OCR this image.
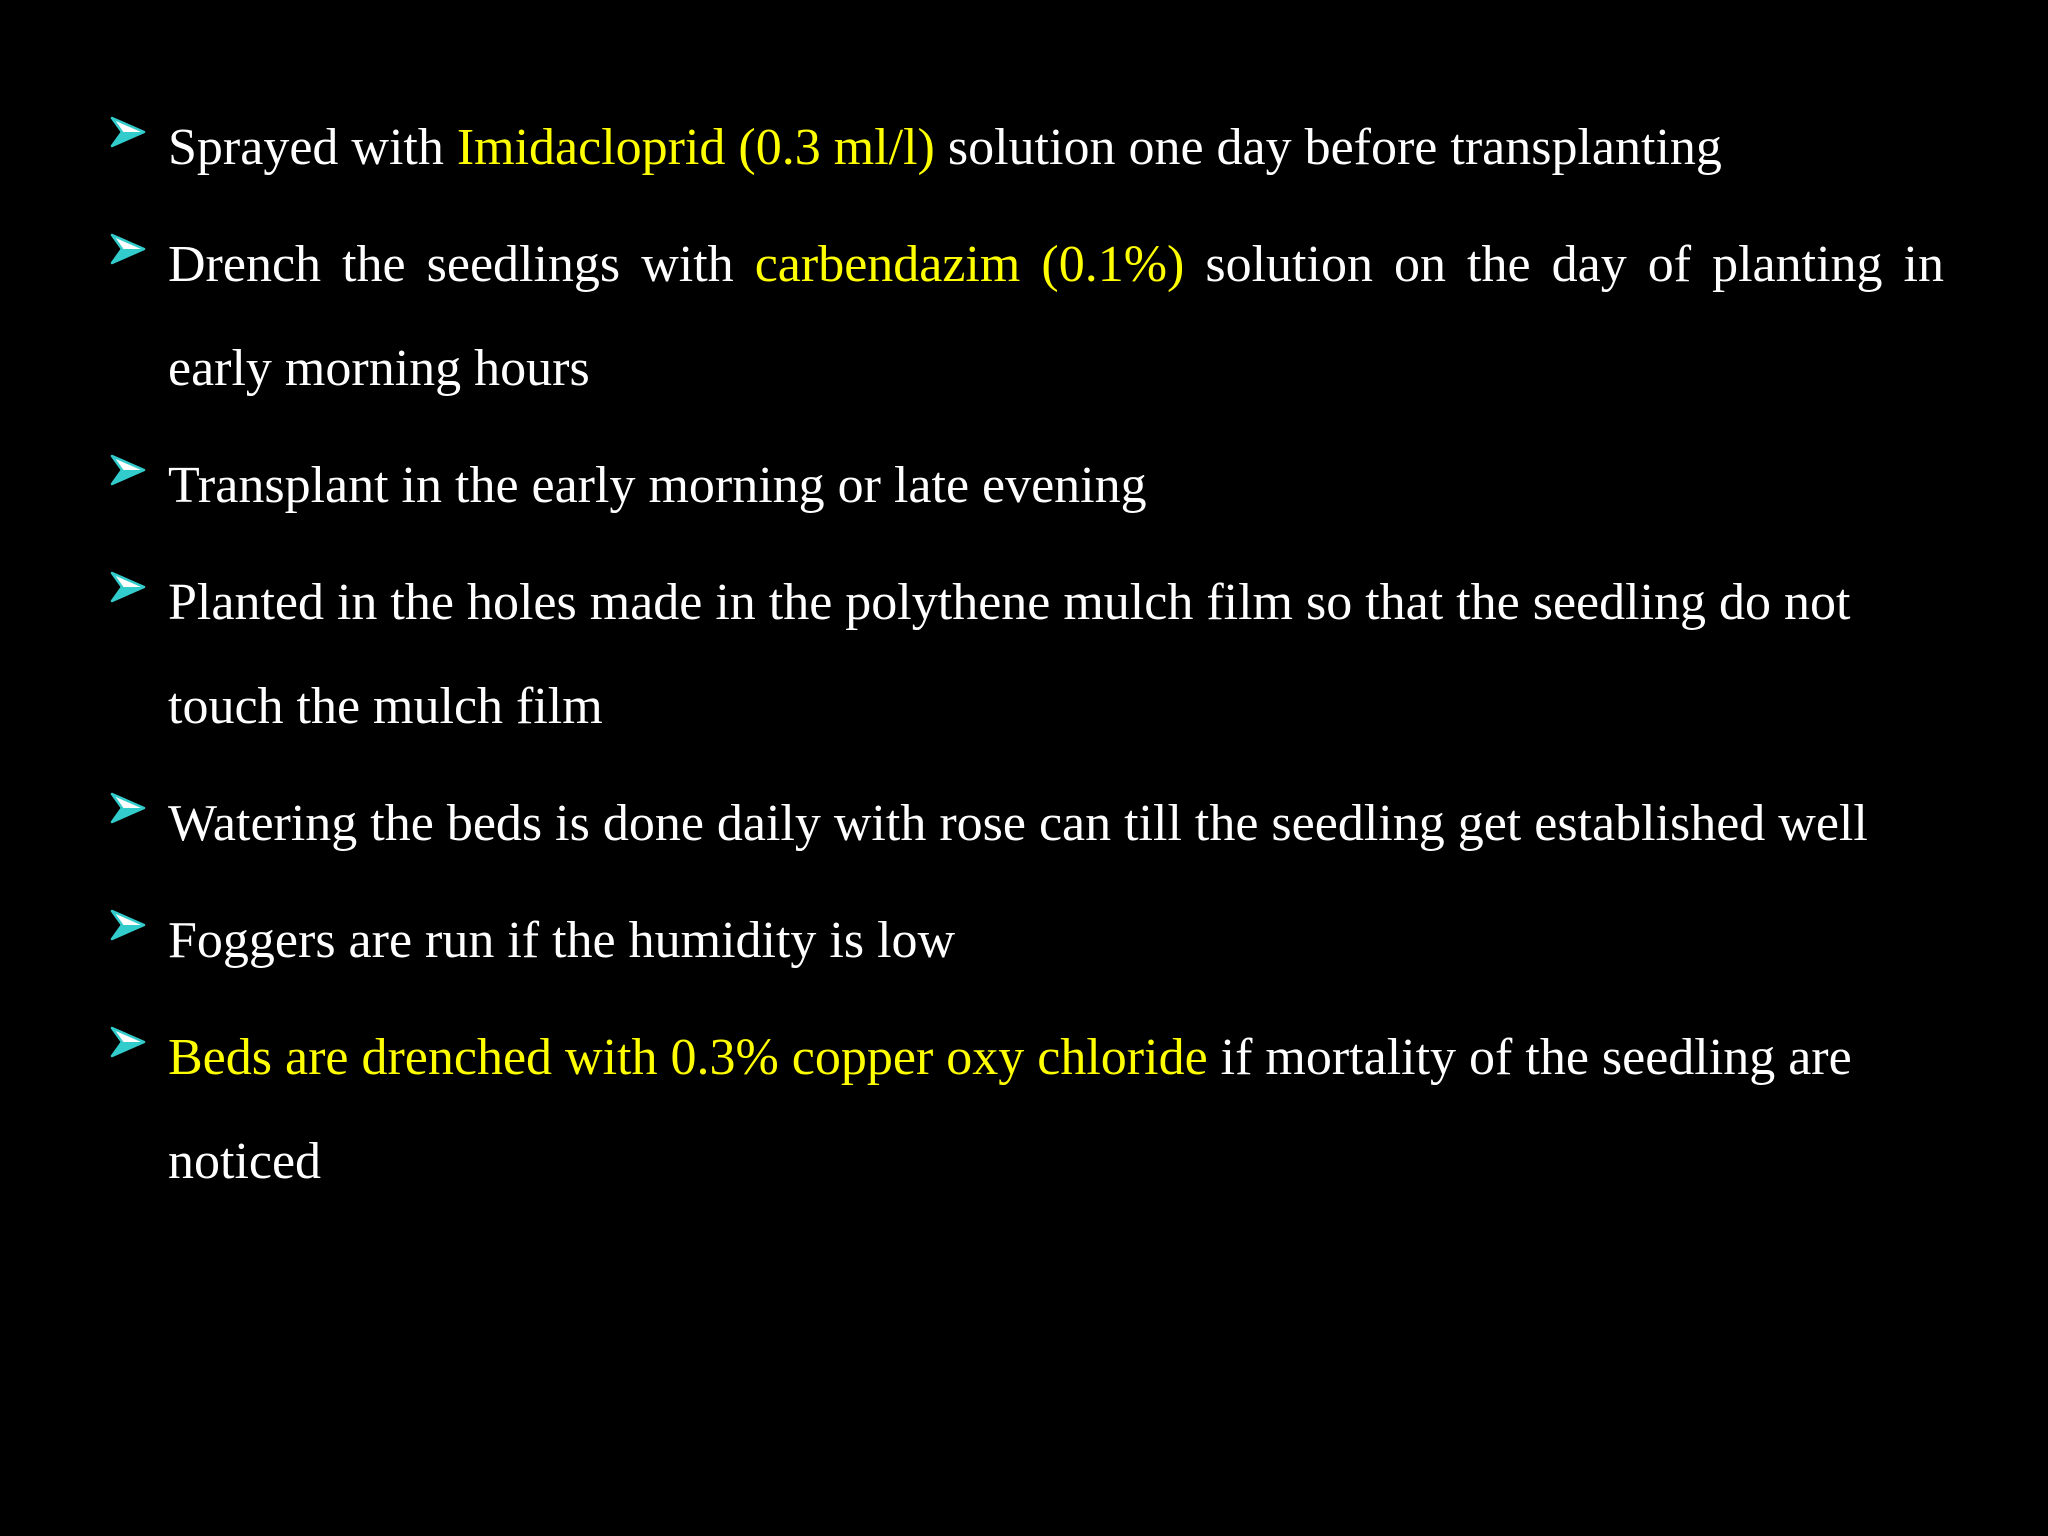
Sprayed with Imidacloprid (0.3 ml/l) solution one day before transplanting
Drench the seedlings with carbendazim (0.1%) solution on the day of planting in early morning hours
Transplant in the early morning or late evening
Planted in the holes made in the polythene mulch film so that the seedling do not touch the mulch film
Watering the beds is done daily with rose can till the seedling get established well
Foggers are run if the humidity is low
Beds are drenched with 0.3% copper oxy chloride if mortality of the seedling are noticed
